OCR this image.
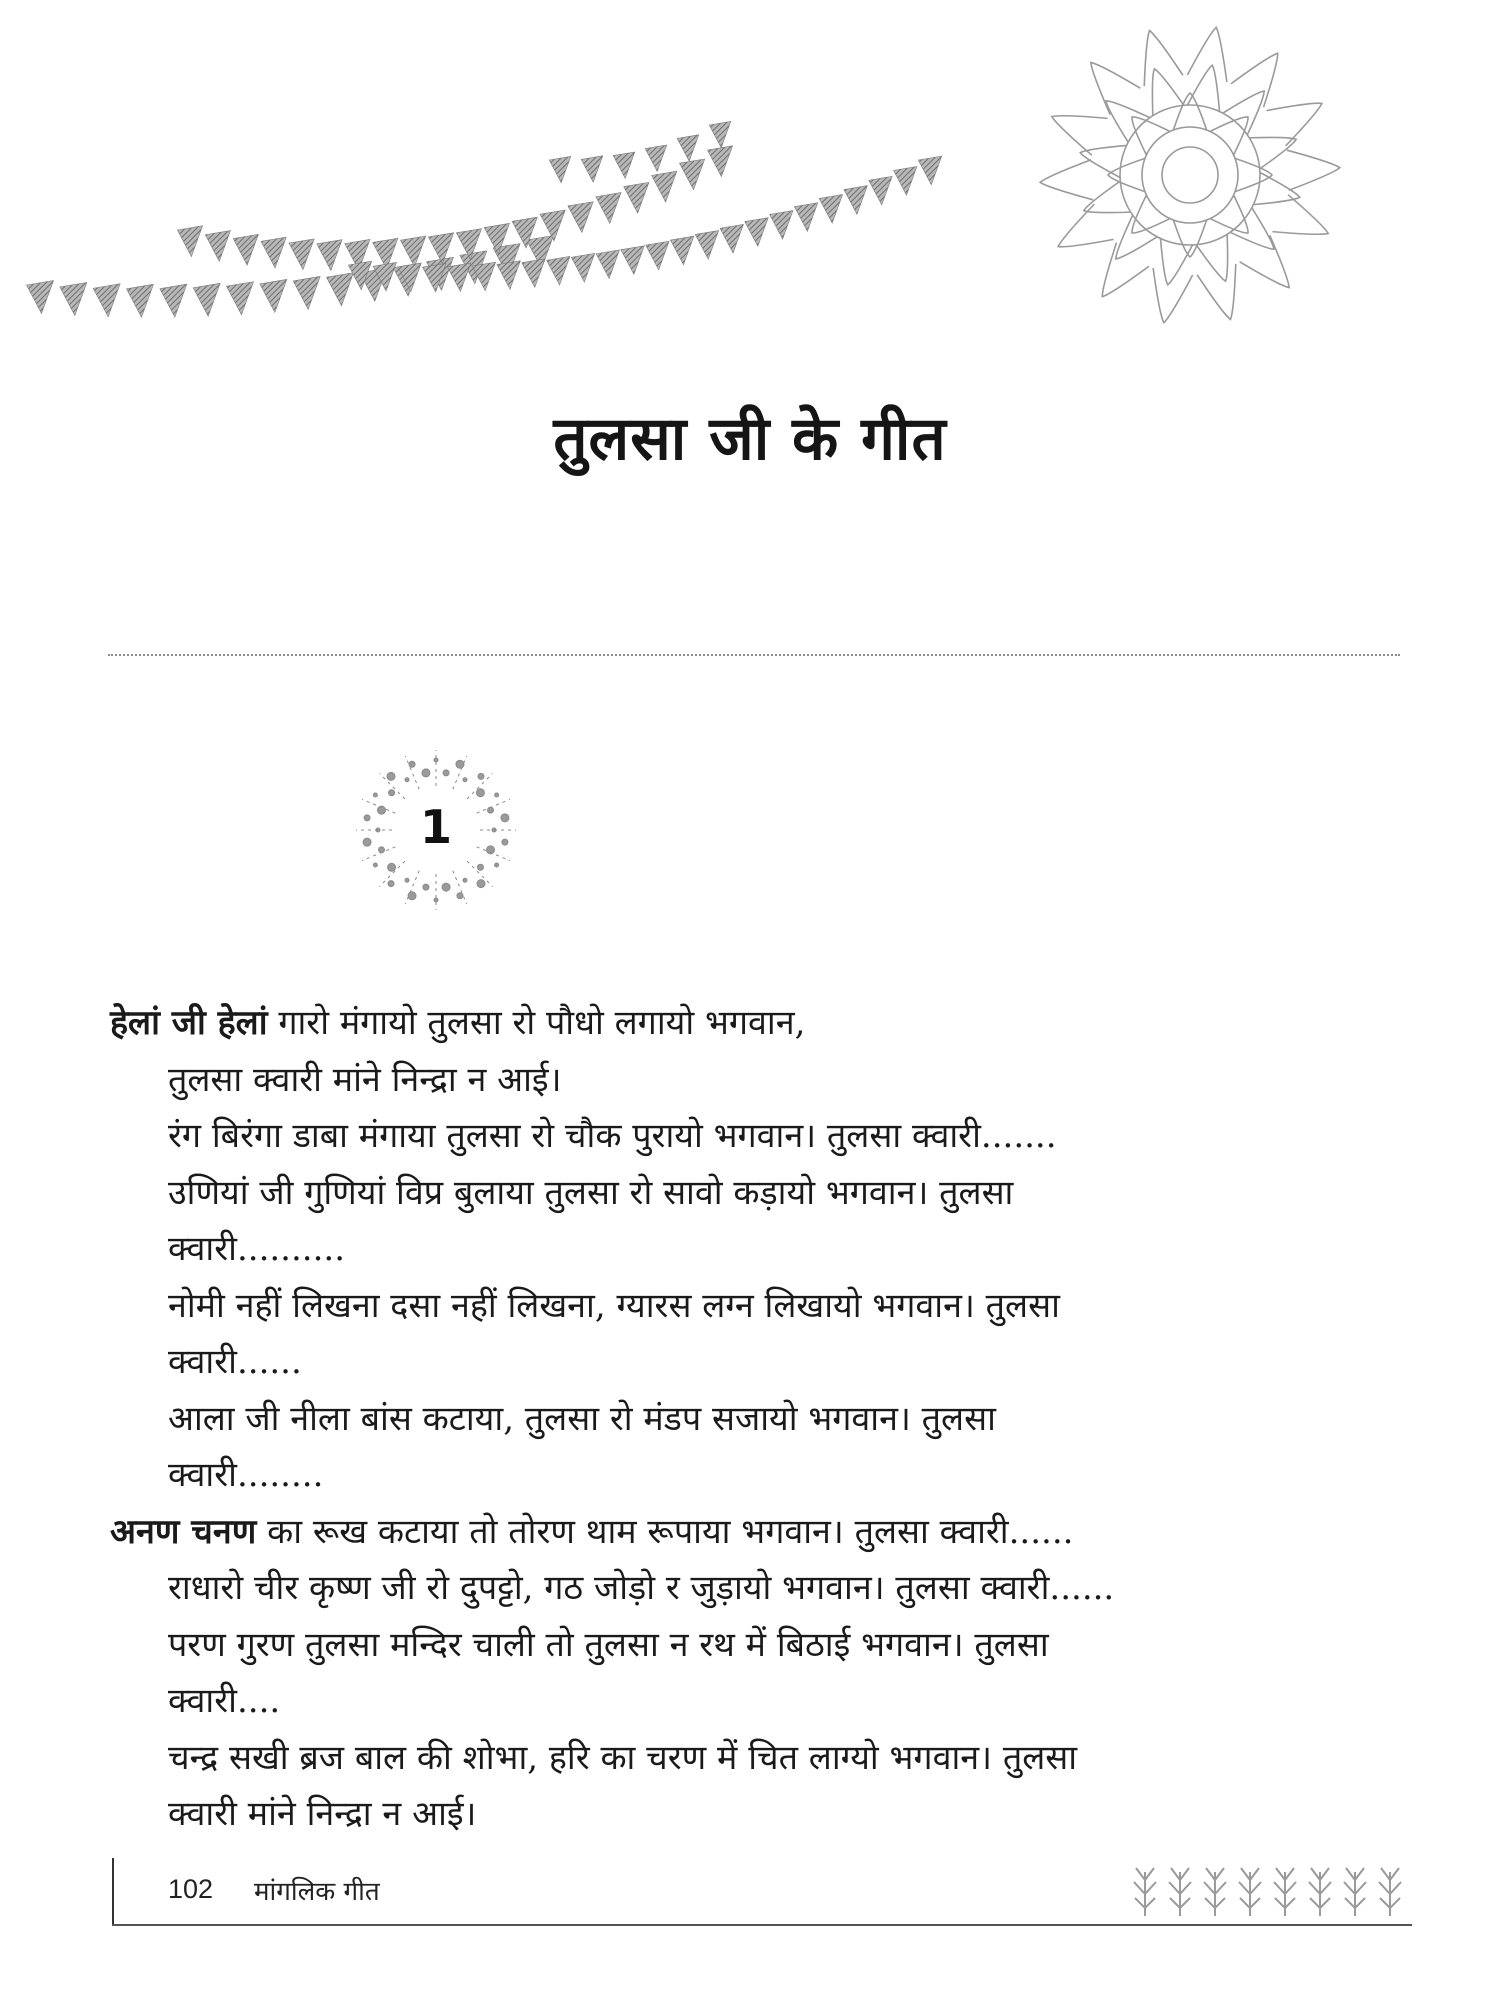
तुलसा जी के गीत
1
हेलां जी हेलां गारो मंगायो तुलसा रो पौधो लगायो भगवान,
तुलसा क्वारी मांने निन्द्रा न आई।
रंग बिरंगा डाबा मंगाया तुलसा रो चौक पुरायो भगवान। तुलसा क्वारी.......
उणियां जी गुणियां विप्र बुलाया तुलसा रो सावो कड़ायो भगवान। तुलसा
क्वारी..........
नोमी नहीं लिखना दसा नहीं लिखना, ग्यारस लग्न लिखायो भगवान। तुलसा
क्वारी......
आला जी नीला बांस कटाया, तुलसा रो मंडप सजायो भगवान। तुलसा
क्वारी........
अनण चनण का रूख कटाया तो तोरण थाम रूपाया भगवान। तुलसा क्वारी......
राधारो चीर कृष्ण जी रो दुपट्टो, गठ जोड़ो र जुड़ायो भगवान। तुलसा क्वारी......
परण गुरण तुलसा मन्दिर चाली तो तुलसा न रथ में बिठाई भगवान। तुलसा
क्वारी....
चन्द्र सखी ब्रज बाल की शोभा, हरि का चरण में चित लाग्यो भगवान। तुलसा
क्वारी मांने निन्द्रा न आई।
102 मांगलिक गीत
